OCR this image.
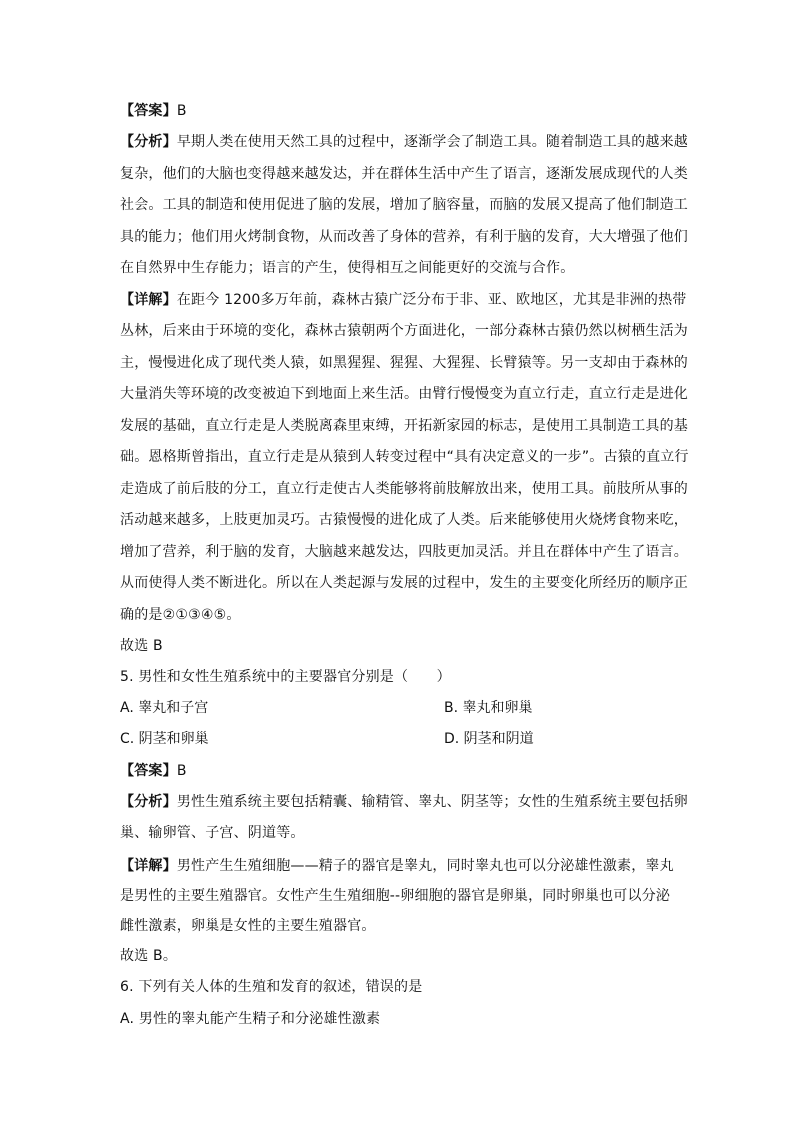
【答案】B

【分析】早期人类在使用天然工具的过程中，逐渐学会了制造工具。随着制造工具的越来越

复杂，他们的大脑也变得越来越发达，并在群体生活中产生了语言，逐渐发展成现代的人类

社会。工具的制造和使用促进了脑的发展，增加了脑容量，而脑的发展又提高了他们制造工

具的能力；他们用火烤制食物，从而改善了身体的营养，有利于脑的发育，大大增强了他们

在自然界中生存能力；语言的产生，使得相互之间能更好的交流与合作。

【详解】在距今 1200多万年前，森林古猿广泛分布于非、亚、欧地区，尤其是非洲的热带

丛林，后来由于环境的变化，森林古猿朝两个方面进化，一部分森林古猿仍然以树栖生活为

主，慢慢进化成了现代类人猿，如黑猩猩、猩猩、大猩猩、长臂猿等。另一支却由于森林的

大量消失等环境的改变被迫下到地面上来生活。由臂行慢慢变为直立行走，直立行走是进化

发展的基础，直立行走是人类脱离森里束缚，开拓新家园的标志，是使用工具制造工具的基

础。恩格斯曾指出，直立行走是从猿到人转变过程中“具有决定意义的一步”。古猿的直立行

走造成了前后肢的分工，直立行走使古人类能够将前肢解放出来，使用工具。前肢所从事的

活动越来越多，上肢更加灵巧。古猿慢慢的进化成了人类。后来能够使用火烧烤食物来吃，

增加了营养，利于脑的发育，大脑越来越发达，四肢更加灵活。并且在群体中产生了语言。

从而使得人类不断进化。所以在人类起源与发展的过程中，发生的主要变化所经历的顺序正

确的是②①③④⑤。

故选 B

5. 男性和女性生殖系统中的主要器官分别是（　　）

A. 睾丸和子宫	B. 睾丸和卵巢

C. 阴茎和卵巢	D. 阴茎和阴道

【答案】B

【分析】男性生殖系统主要包括精囊、输精管、睾丸、阴茎等；女性的生殖系统主要包括卵

巢、输卵管、子宫、阴道等。

【详解】男性产生生殖细胞——精子的器官是睾丸，同时睾丸也可以分泌雄性激素，睾丸

是男性的主要生殖器官。女性产生生殖细胞--卵细胞的器官是卵巢，同时卵巢也可以分泌

雌性激素，卵巢是女性的主要生殖器官。

故选 B。

6. 下列有关人体的生殖和发育的叙述，错误的是

A. 男性的睾丸能产生精子和分泌雄性激素
